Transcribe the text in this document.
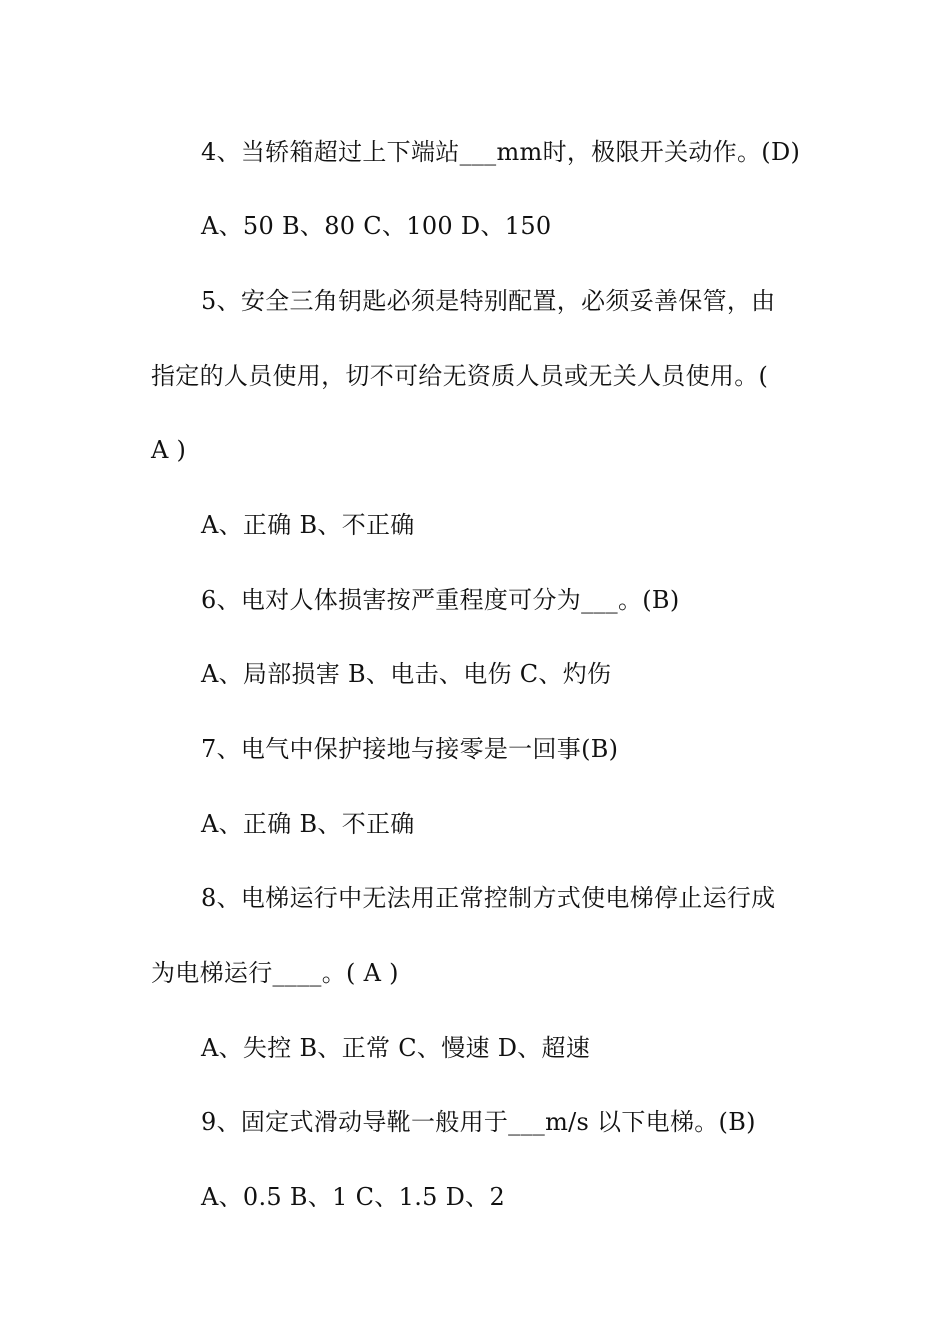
4、当轿箱超过上下端站___mm时，极限开关动作。(D)
A、50 B、80 C、100 D、150
5、安全三角钥匙必须是特别配置，必须妥善保管，由
指定的人员使用，切不可给无资质人员或无关人员使用。(
A )
A、正确 B、不正确
6、电对人体损害按严重程度可分为___。(B)
A、局部损害 B、电击、电伤 C、灼伤
7、电气中保护接地与接零是一回事(B)
A、正确 B、不正确
8、电梯运行中无法用正常控制方式使电梯停止运行成
为电梯运行____。( A )
A、失控 B、正常 C、慢速 D、超速
9、固定式滑动导靴一般用于___m/s 以下电梯。(B)
A、0.5 B、1 C、1.5 D、2
